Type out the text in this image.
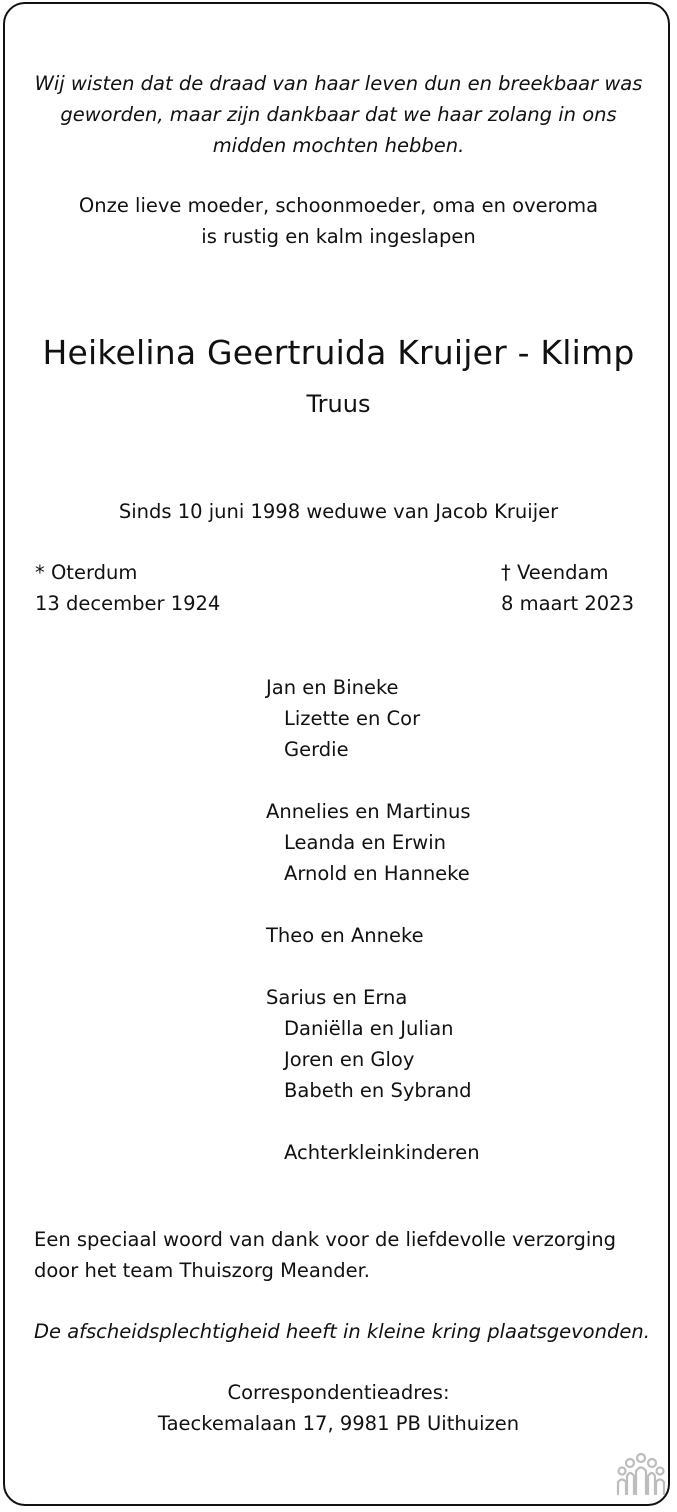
Wij wisten dat de draad van haar leven dun en breekbaar was
geworden, maar zijn dankbaar dat we haar zolang in ons
midden mochten hebben.
Onze lieve moeder, schoonmoeder, oma en overoma
is rustig en kalm ingeslapen
Heikelina Geertruida Kruijer - Klimp
Truus
Sinds 10 juni 1998 weduwe van Jacob Kruijer
* Oterdum
13 december 1924
† Veendam
8 maart 2023
Jan en Bineke
Lizette en Cor
Gerdie
Annelies en Martinus
Leanda en Erwin
Arnold en Hanneke
Theo en Anneke
Sarius en Erna
Daniëlla en Julian
Joren en Gloy
Babeth en Sybrand
Achterkleinkinderen
Een speciaal woord van dank voor de liefdevolle verzorging
door het team Thuiszorg Meander.
De afscheidsplechtigheid heeft in kleine kring plaatsgevonden.
Correspondentieadres:
Taeckemalaan 17, 9981 PB Uithuizen
